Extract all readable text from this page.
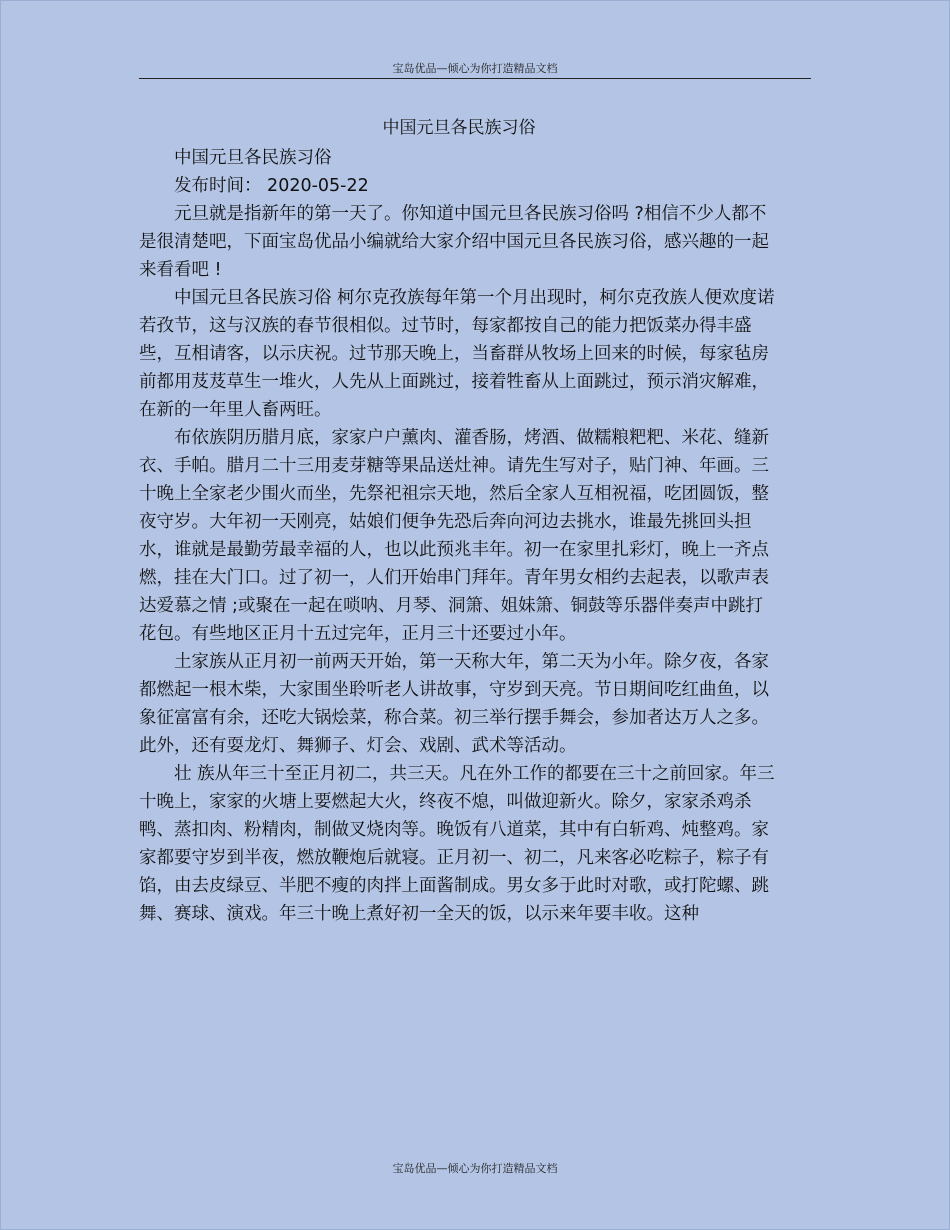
宝岛优品—倾心为你打造精品文档
中国元旦各民族习俗

中国元旦各民族习俗

发布时间： 2020-05-22

元旦就是指新年的第一天了。你知道中国元旦各民族习俗吗 ?相信不少人都不是很清楚吧，下面宝岛优品小编就给大家介绍中国元旦各民族习俗，感兴趣的一起来看看吧 !

中国元旦各民族习俗 柯尔克孜族每年第一个月出现时，柯尔克孜族人便欢度诺若孜节，这与汉族的春节很相似。过节时，每家都按自己的能力把饭菜办得丰盛些，互相请客，以示庆祝。过节那天晚上，当畜群从牧场上回来的时候，每家毡房前都用芨芨草生一堆火，人先从上面跳过，接着牲畜从上面跳过，预示消灾解难，在新的一年里人畜两旺。

布依族阴历腊月底，家家户户薰肉、灌香肠，烤酒、做糯粮粑粑、米花、缝新衣、手帕。腊月二十三用麦芽糖等果品送灶神。请先生写对子，贴门神、年画。三十晚上全家老少围火而坐，先祭祀祖宗天地，然后全家人互相祝福，吃团圆饭，整夜守岁。大年初一天刚亮，姑娘们便争先恐后奔向河边去挑水，谁最先挑回头担水，谁就是最勤劳最幸福的人，也以此预兆丰年。初一在家里扎彩灯，晚上一齐点燃，挂在大门口。过了初一，人们开始串门拜年。青年男女相约去起表，以歌声表达爱慕之情 ;或聚在一起在唢呐、月琴、洞箫、姐妹箫、铜鼓等乐器伴奏声中跳打花包。有些地区正月十五过完年，正月三十还要过小年。

土家族从正月初一前两天开始，第一天称大年，第二天为小年。除夕夜，各家都燃起一根木柴，大家围坐聆听老人讲故事，守岁到天亮。节日期间吃红曲鱼，以象征富富有余，还吃大锅烩菜，称合菜。初三举行摆手舞会，参加者达万人之多。此外，还有耍龙灯、舞狮子、灯会、戏剧、武术等活动。

壮 族从年三十至正月初二，共三天。凡在外工作的都要在三十之前回家。年三十晚上，家家的火塘上要燃起大火，终夜不熄，叫做迎新火。除夕，家家杀鸡杀鸭、蒸扣肉、粉精肉，制做叉烧肉等。晚饭有八道菜，其中有白斩鸡、炖整鸡。家家都要守岁到半夜，燃放鞭炮后就寝。正月初一、初二，凡来客必吃粽子，粽子有馅，由去皮绿豆、半肥不瘦的肉拌上面酱制成。男女多于此时对歌，或打陀螺、跳舞、赛球、演戏。年三十晚上煮好初一全天的饭，以示来年要丰收。这种

宝岛优品—倾心为你打造精品文档
